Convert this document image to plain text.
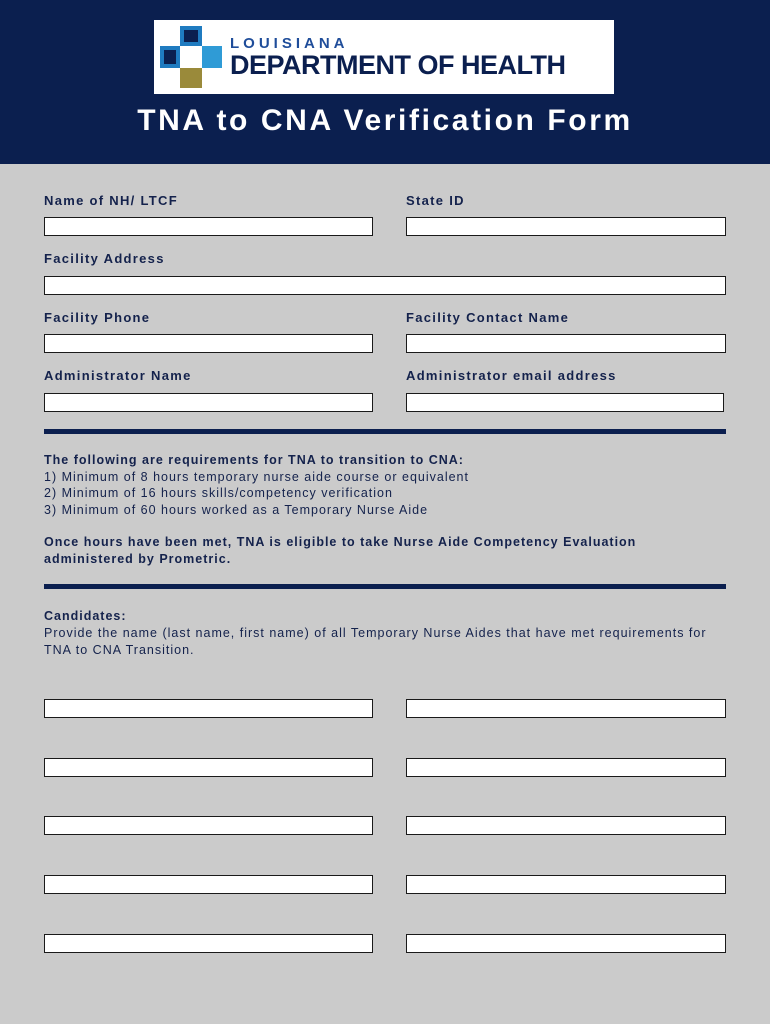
LOUISIANA
DEPARTMENT OF HEALTH
TNA to CNA Verification Form
Name of NH/ LTCF	State ID
Facility Address
Facility Phone	Facility Contact Name
Administrator Name	Administrator email address
The following are requirements for TNA to transition to CNA:
1) Minimum of 8 hours temporary nurse aide course or equivalent
2) Minimum of 16 hours skills/competency verification
3) Minimum of 60 hours worked as a Temporary Nurse Aide
Once hours have been met, TNA is eligible to take Nurse Aide Competency Evaluation administered by Prometric.
Candidates:
Provide the name (last name, first name) of all Temporary Nurse Aides that have met requirements for TNA to CNA Transition.
